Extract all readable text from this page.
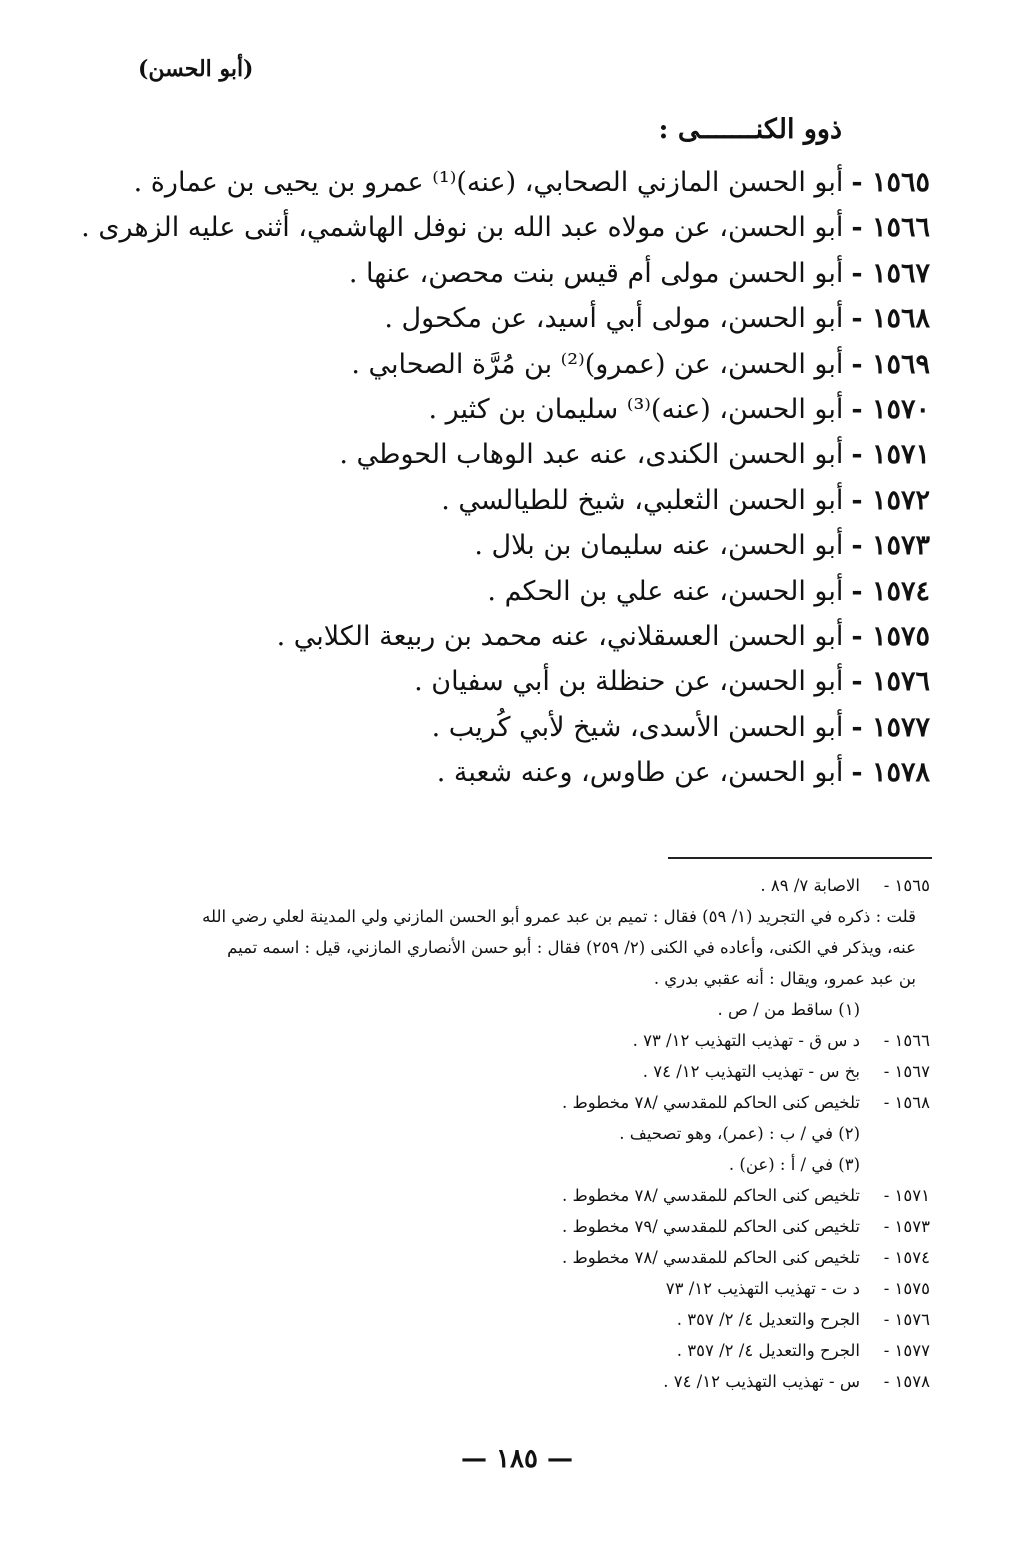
(أبو الحسن)
ذوو الكنـــــــى :
١٥٦٥ -أبو الحسن المازني الصحابي، (عنه)⁽¹⁾ عمرو بن يحيى بن عمارة .
١٥٦٦ -أبو الحسن، عن مولاه عبد الله بن نوفل الهاشمي، أثنى عليه الزهرى .
١٥٦٧ -أبو الحسن مولى أم قيس بنت محصن، عنها .
١٥٦٨ -أبو الحسن، مولى أبي أسيد، عن مكحول .
١٥٦٩ -أبو الحسن، عن (عمرو)⁽²⁾ بن مُرَّة الصحابي .
١٥٧٠ -أبو الحسن، (عنه)⁽³⁾ سليمان بن كثير .
١٥٧١ -أبو الحسن الكندى، عنه عبد الوهاب الحوطي .
١٥٧٢ -أبو الحسن الثعلبي، شيخ للطيالسي .
١٥٧٣ -أبو الحسن، عنه سليمان بن بلال .
١٥٧٤ -أبو الحسن، عنه علي بن الحكم .
١٥٧٥ -أبو الحسن العسقلاني، عنه محمد بن ربيعة الكلابي .
١٥٧٦ -أبو الحسن، عن حنظلة بن أبي سفيان .
١٥٧٧ -أبو الحسن الأسدى، شيخ لأبي كُريب .
١٥٧٨ -أبو الحسن، عن طاوس، وعنه شعبة .
١٥٦٥ -الاصابة ٧/ ٨٩ .
قلت : ذكره في التجريد (١/ ٥٩) فقال : تميم بن عبد عمرو أبو الحسن المازني ولي المدينة لعلي رضي الله
عنه، ويذكر في الكنى، وأعاده في الكنى (٢/ ٢٥٩) فقال : أبو حسن الأنصاري المازني، قيل : اسمه تميم
بن عبد عمرو، ويقال : أنه عقبي بدري .
(١) ساقط من / ص .
١٥٦٦ -د س ق - تهذيب التهذيب ١٢/ ٧٣ .
١٥٦٧ -بخ س - تهذيب التهذيب ١٢/ ٧٤ .
١٥٦٨ -تلخيص كنى الحاكم للمقدسي /٧٨ مخطوط .
(٢) في / ب : (عمر)، وهو تصحيف .
(٣) في / أ : (عن) .
١٥٧١ -تلخيص كنى الحاكم للمقدسي /٧٨ مخطوط .
١٥٧٣ -تلخيص كنى الحاكم للمقدسي /٧٩ مخطوط .
١٥٧٤ -تلخيص كنى الحاكم للمقدسي /٧٨ مخطوط .
١٥٧٥ -د ت - تهذيب التهذيب ١٢/ ٧٣
١٥٧٦ -الجرح والتعديل ٤/ ٢/ ٣٥٧ .
١٥٧٧ -الجرح والتعديل ٤/ ٢/ ٣٥٧ .
١٥٧٨ -س - تهذيب التهذيب ١٢/ ٧٤ .
— ١٨٥ —
